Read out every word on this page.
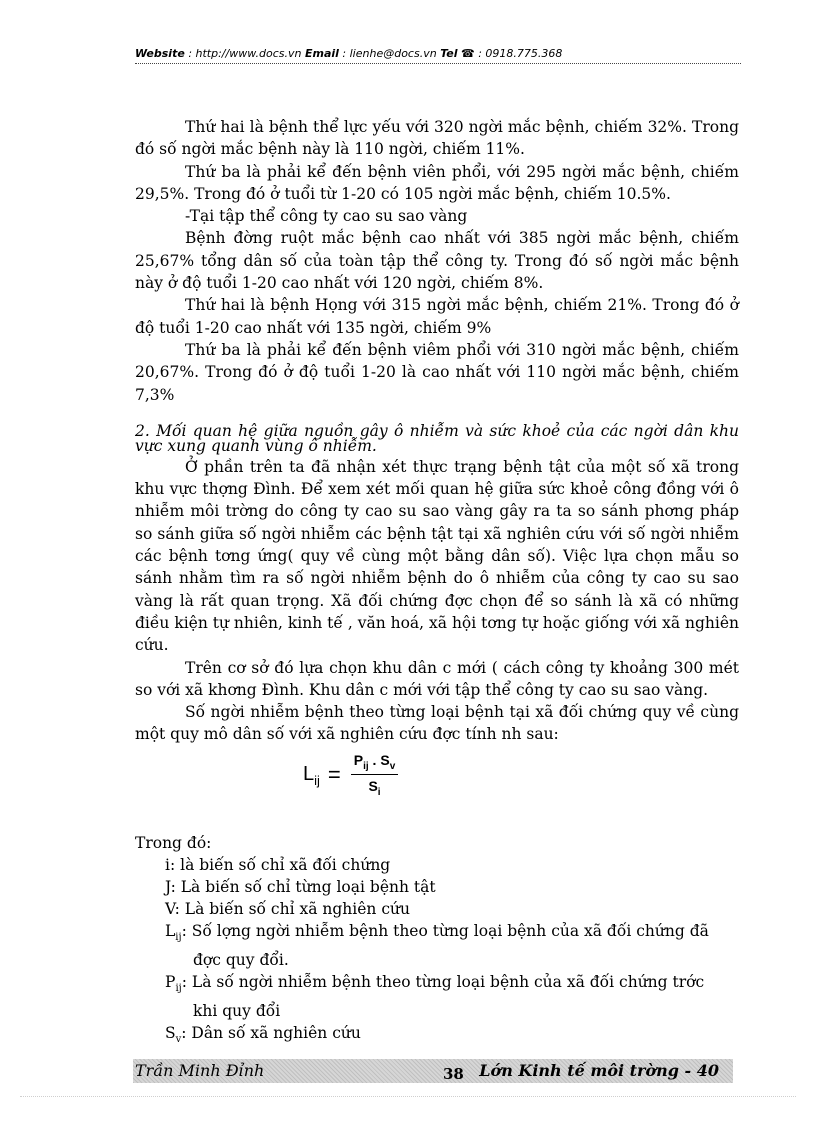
Website : http://www.docs.vn Email : lienhe@docs.vn Tel ☎ : 0918.775.368

Thứ hai là bệnh thể lực yếu với 320 ngời mắc bệnh, chiếm 32%. Trong đó số ngời mắc bệnh này là 110 ngời, chiếm 11%.

Thứ ba là phải kể đến bệnh viên phổi, với 295 ngời mắc bệnh, chiếm 29,5%. Trong đó ở tuổi từ 1-20 có 105 ngời mắc bệnh, chiếm 10.5%.

-Tại tập thể công ty cao su sao vàng

Bệnh đờng ruột mắc bệnh cao nhất với 385 ngời mắc bệnh, chiếm 25,67% tổng dân số của toàn tập thể công ty. Trong đó số ngời mắc bệnh này ở độ tuổi 1-20 cao nhất với 120 ngời, chiếm 8%.

Thứ hai là bệnh Họng với 315 ngời mắc bệnh, chiếm 21%. Trong đó ở độ tuổi 1-20 cao nhất với 135 ngời, chiếm 9%

Thứ ba là phải kể đến bệnh viêm phổi với 310 ngời mắc bệnh, chiếm 20,67%. Trong đó ở độ tuổi 1-20 là cao nhất với 110 ngời mắc bệnh, chiếm 7,3%

2. Mối quan hệ giữa nguồn gây ô nhiễm và sức khoẻ của các ngời dân khu vực xung quanh vùng ô nhiễm.

Ở phần trên ta đã nhận xét thực trạng bệnh tật của một số xã trong khu vực thợng Đình. Để xem xét mối quan hệ giữa sức khoẻ công đồng với ô nhiễm môi trờng do công ty cao su sao vàng gây ra ta so sánh phơng pháp so sánh giữa số ngời nhiễm các bệnh tật tại xã nghiên cứu với số ngời nhiễm các bệnh tơng ứng( quy về cùng một bằng dân số). Việc lựa chọn mẫu so sánh nhằm tìm ra số ngời nhiễm bệnh do ô nhiễm của công ty cao su sao vàng là rất quan trọng. Xã đối chứng đợc chọn để so sánh là xã có những điều kiện tự nhiên, kinh tế , văn hoá, xã hội tơng tự hoặc giống với xã nghiên cứu.

Trên cơ sở đó lựa chọn khu dân c mới ( cách công ty khoảng 300 mét so với xã khơng Đình. Khu dân c mới với tập thể công ty cao su sao vàng.

Số ngời nhiễm bệnh theo từng loại bệnh tại xã đối chứng quy về cùng một quy mô dân số với xã nghiên cứu đợc tính nh sau:

$L_{ij} = \frac{P_{ij} . S_v}{S_i}$

Trong đó:

i: là biến số chỉ xã đối chứng

J: Là biến số chỉ từng loại bệnh tật

V: Là biến số chỉ xã nghiên cứu

$L_{ij}$: Số lợng ngời nhiễm bệnh theo từng loại bệnh của xã đối chứng đã

đợc quy đổi.

$P_{ij}$: Là số ngời nhiễm bệnh theo từng loại bệnh của xã đối chứng trớc

khi quy đổi

$S_v$: Dân số xã nghiên cứu

Trần Minh Đỉnh	38 Lớn Kinh tế môi trờng - 40
